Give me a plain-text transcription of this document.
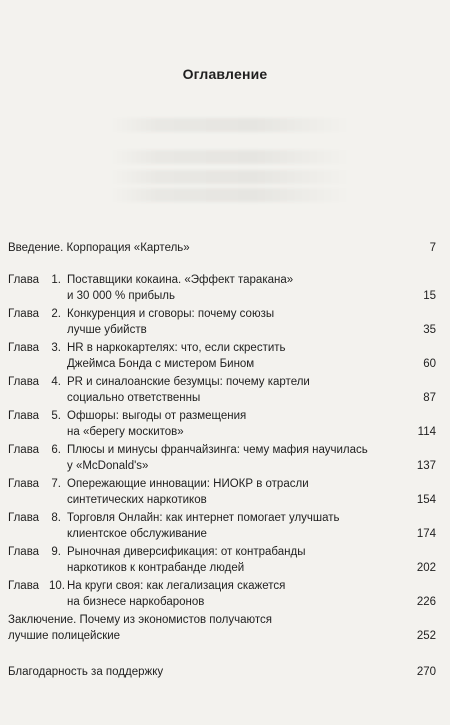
Оглавление
Введение. Корпорация «Картель»	7
Глава 1. Поставщики кокаина. «Эффект таракана»
и 30 000 % прибыль	15
Глава 2. Конкуренция и сговоры: почему союзы
лучше убийств	35
Глава 3. HR в наркокартелях: что, если скрестить
Джеймса Бонда с мистером Бином	60
Глава 4. PR и синалоанские безумцы: почему картели
социально ответственны	87
Глава 5. Офшоры: выгоды от размещения
на «берегу москитов»	114
Глава 6. Плюсы и минусы франчайзинга: чему мафия научилась
у «McDonald's»	137
Глава 7. Опережающие инновации: НИОКР в отрасли
синтетических наркотиков	154
Глава 8. Торговля Онлайн: как интернет помогает улучшать
клиентское обслуживание	174
Глава 9. Рыночная диверсификация: от контрабанды
наркотиков к контрабанде людей	202
Глава 10. На круги своя: как легализация скажется
на бизнесе наркобаронов	226
Заключение. Почему из экономистов получаются
лучшие полицейские	252
Благодарность за поддержку	270
